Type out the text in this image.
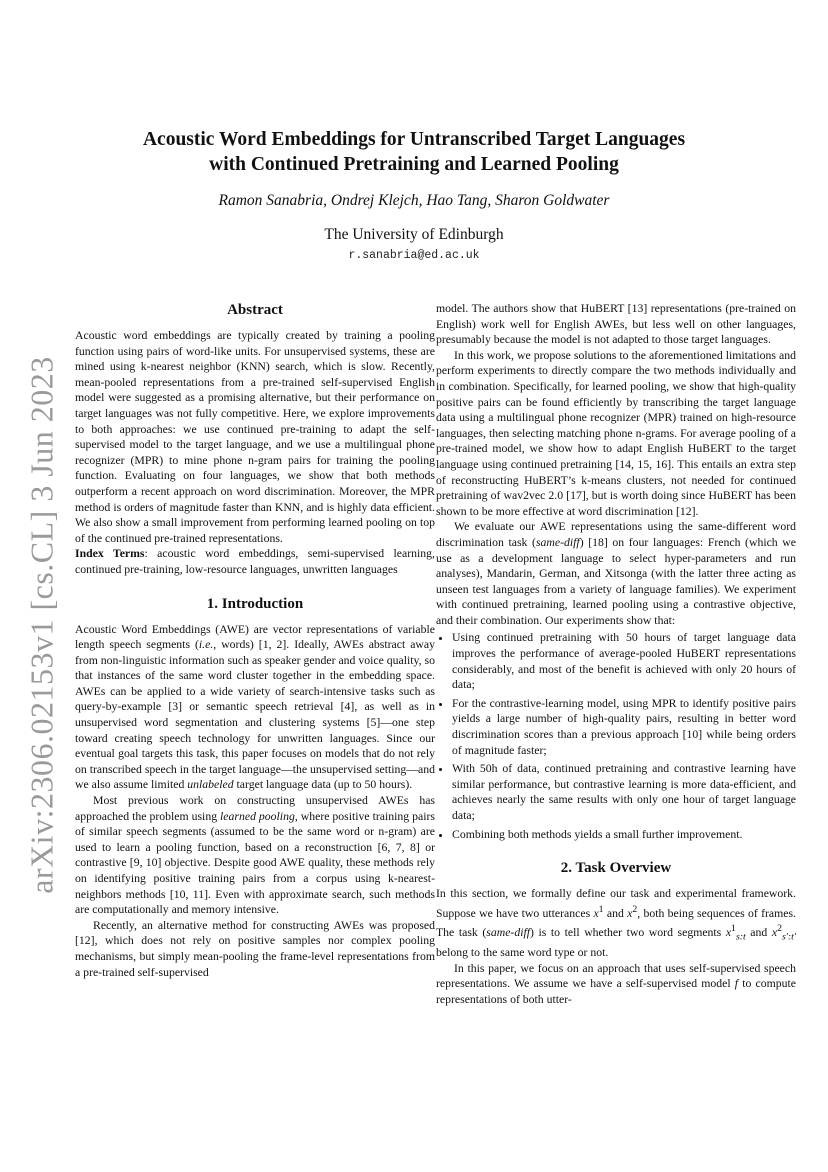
arXiv:2306.02153v1 [cs.CL] 3 Jun 2023
Acoustic Word Embeddings for Untranscribed Target Languages
with Continued Pretraining and Learned Pooling
Ramon Sanabria, Ondrej Klejch, Hao Tang, Sharon Goldwater
The University of Edinburgh
r.sanabria@ed.ac.uk
Abstract

Acoustic word embeddings are typically created by training a pooling function using pairs of word-like units. For unsupervised systems, these are mined using k-nearest neighbor (KNN) search, which is slow. Recently, mean-pooled representations from a pre-trained self-supervised English model were suggested as a promising alternative, but their performance on target languages was not fully competitive. Here, we explore improvements to both approaches: we use continued pre-training to adapt the self-supervised model to the target language, and we use a multilingual phone recognizer (MPR) to mine phone n-gram pairs for training the pooling function. Evaluating on four languages, we show that both methods outperform a recent approach on word discrimination. Moreover, the MPR method is orders of magnitude faster than KNN, and is highly data efficient. We also show a small improvement from performing learned pooling on top of the continued pre-trained representations.

Index Terms: acoustic word embeddings, semi-supervised learning, continued pre-training, low-resource languages, unwritten languages

1. Introduction

Acoustic Word Embeddings (AWE) are vector representations of variable length speech segments (i.e., words) [1, 2]. Ideally, AWEs abstract away from non-linguistic information such as speaker gender and voice quality, so that instances of the same word cluster together in the embedding space. AWEs can be applied to a wide variety of search-intensive tasks such as query-by-example [3] or semantic speech retrieval [4], as well as in unsupervised word segmentation and clustering systems [5]—one step toward creating speech technology for unwritten languages. Since our eventual goal targets this task, this paper focuses on models that do not rely on transcribed speech in the target language—the unsupervised setting—and we also assume limited unlabeled target language data (up to 50 hours).

Most previous work on constructing unsupervised AWEs has approached the problem using learned pooling, where positive training pairs of similar speech segments (assumed to be the same word or n-gram) are used to learn a pooling function, based on a reconstruction [6, 7, 8] or contrastive [9, 10] objective. Despite good AWE quality, these methods rely on identifying positive training pairs from a corpus using k-nearest-neighbors methods [10, 11]. Even with approximate search, such methods are computationally and memory intensive.

Recently, an alternative method for constructing AWEs was proposed [12], which does not rely on positive samples nor complex pooling mechanisms, but simply mean-pooling the frame-level representations from a pre-trained self-supervised

model. The authors show that HuBERT [13] representations (pre-trained on English) work well for English AWEs, but less well on other languages, presumably because the model is not adapted to those target languages.

In this work, we propose solutions to the aforementioned limitations and perform experiments to directly compare the two methods individually and in combination. Specifically, for learned pooling, we show that high-quality positive pairs can be found efficiently by transcribing the target language data using a multilingual phone recognizer (MPR) trained on high-resource languages, then selecting matching phone n-grams. For average pooling of a pre-trained model, we show how to adapt English HuBERT to the target language using continued pretraining [14, 15, 16]. This entails an extra step of reconstructing HuBERT’s k-means clusters, not needed for continued pretraining of wav2vec 2.0 [17], but is worth doing since HuBERT has been shown to be more effective at word discrimination [12].

We evaluate our AWE representations using the same-different word discrimination task (same-diff) [18] on four languages: French (which we use as a development language to select hyper-parameters and run analyses), Mandarin, German, and Xitsonga (with the latter three acting as unseen test languages from a variety of language families). We experiment with continued pretraining, learned pooling using a contrastive objective, and their combination. Our experiments show that:

• Using continued pretraining with 50 hours of target language data improves the performance of average-pooled HuBERT representations considerably, and most of the benefit is achieved with only 20 hours of data;
• For the contrastive-learning model, using MPR to identify positive pairs yields a large number of high-quality pairs, resulting in better word discrimination scores than a previous approach [10] while being orders of magnitude faster;
• With 50h of data, continued pretraining and contrastive learning have similar performance, but contrastive learning is more data-efficient, and achieves nearly the same results with only one hour of target language data;
• Combining both methods yields a small further improvement.
2. Task Overview

In this section, we formally define our task and experimental framework. Suppose we have two utterances $x^1$ and $x^2$, both being sequences of frames. The task (same-diff) is to tell whether two word segments $x^1_{s:t}$ and $x^2_{s':t'}$ belong to the same word type or not.

In this paper, we focus on an approach that uses self-supervised speech representations. We assume we have a self-supervised model f to compute representations of both utter-
